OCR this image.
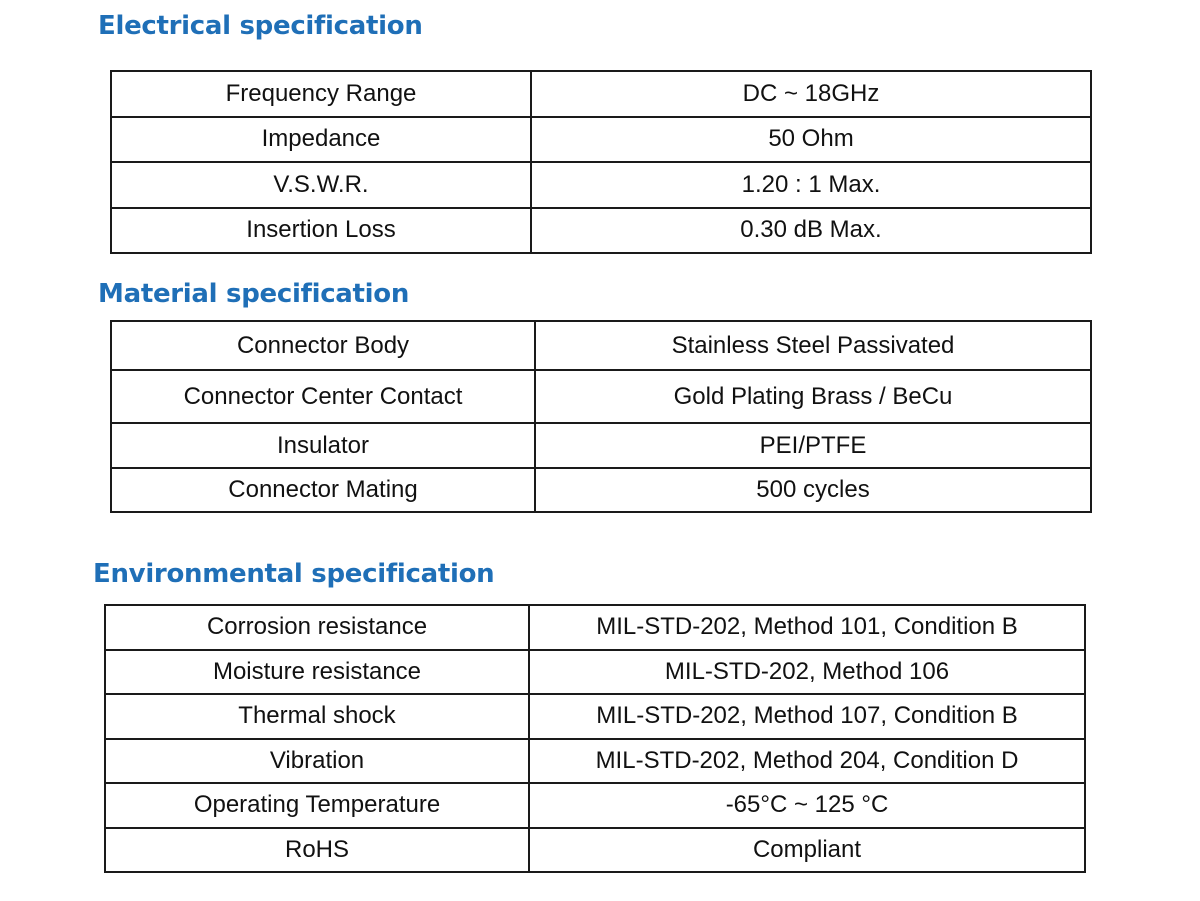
Electrical specification
Frequency Range	DC ~ 18GHz
Impedance	50 Ohm
V.S.W.R.	1.20 : 1 Max.
Insertion Loss	0.30 dB Max.
Material specification
Connector Body	Stainless Steel Passivated
Connector Center Contact	Gold Plating Brass / BeCu
Insulator	PEI/PTFE
Connector Mating	500 cycles
Environmental specification
Corrosion resistance	MIL-STD-202, Method 101, Condition B
Moisture resistance	MIL-STD-202, Method 106
Thermal shock	MIL-STD-202, Method 107, Condition B
Vibration	MIL-STD-202, Method 204, Condition D
Operating Temperature	-65°C ~ 125 °C
RoHS	Compliant
